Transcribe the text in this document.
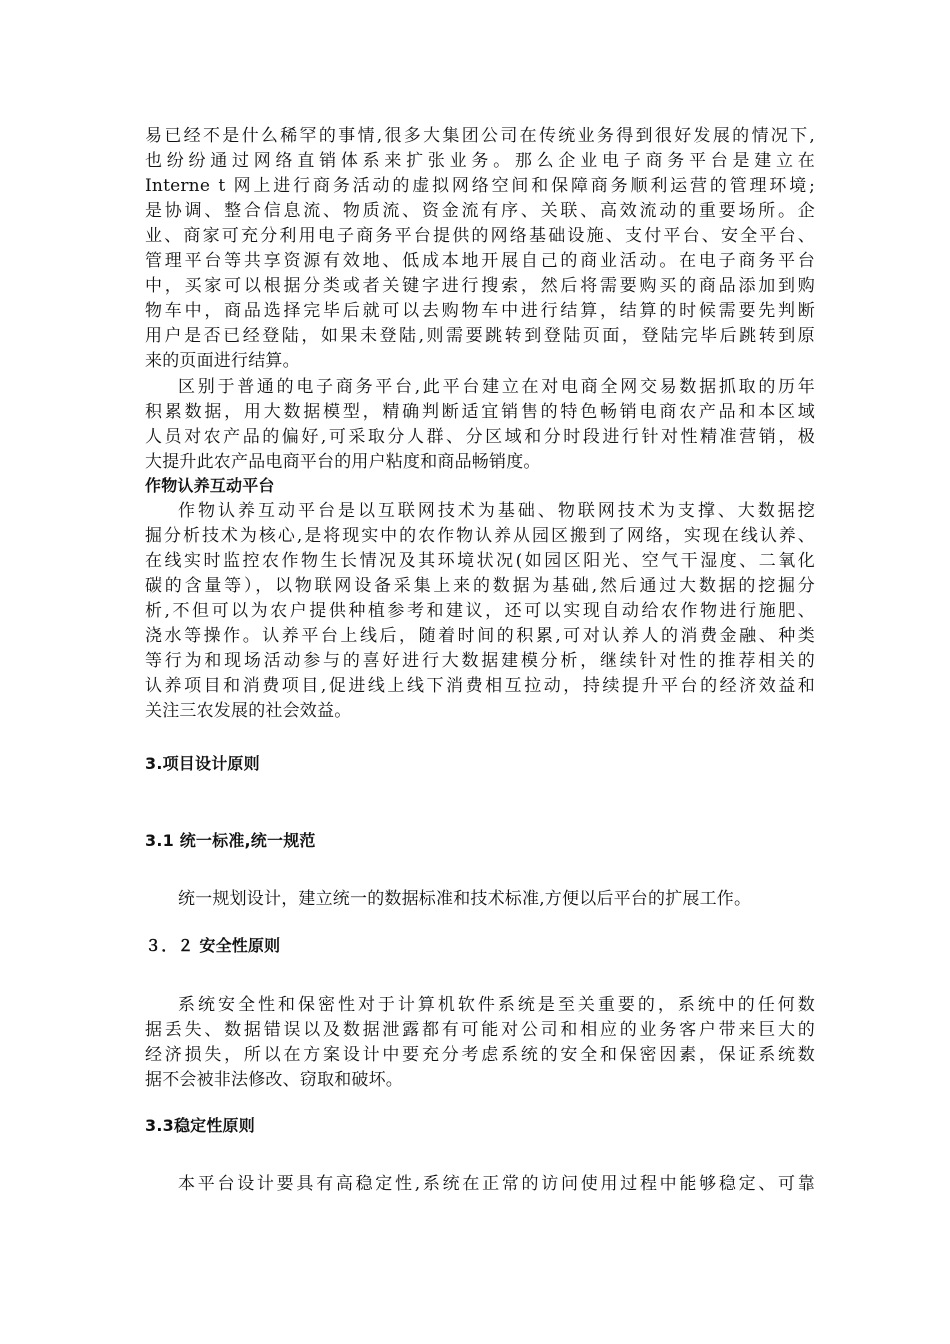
易已经不是什么稀罕的事情,很多大集团公司在传统业务得到很好发展的情况下,
也纷纷通过网络直销体系来扩张业务。那么企业电子商务平台是建立在
Interne t 网上进行商务活动的虚拟网络空间和保障商务顺利运营的管理环境;
是协调、整合信息流、物质流、资金流有序、关联、高效流动的重要场所。企
业、商家可充分利用电子商务平台提供的网络基础设施、支付平台、安全平台、
管理平台等共享资源有效地、低成本地开展自己的商业活动。在电子商务平台
中，买家可以根据分类或者关键字进行搜索，然后将需要购买的商品添加到购
物车中，商品选择完毕后就可以去购物车中进行结算，结算的时候需要先判断
用户是否已经登陆，如果未登陆,则需要跳转到登陆页面，登陆完毕后跳转到原
来的页面进行结算。
区别于普通的电子商务平台,此平台建立在对电商全网交易数据抓取的历年
积累数据，用大数据模型，精确判断适宜销售的特色畅销电商农产品和本区域
人员对农产品的偏好,可采取分人群、分区域和分时段进行针对性精准营销，极
大提升此农产品电商平台的用户粘度和商品畅销度。
作物认养互动平台
作物认养互动平台是以互联网技术为基础、物联网技术为支撑、大数据挖
掘分析技术为核心,是将现实中的农作物认养从园区搬到了网络，实现在线认养、
在线实时监控农作物生长情况及其环境状况(如园区阳光、空气干湿度、二氧化
碳的含量等），以物联网设备采集上来的数据为基础,然后通过大数据的挖掘分
析,不但可以为农户提供种植参考和建议，还可以实现自动给农作物进行施肥、
浇水等操作。认养平台上线后，随着时间的积累,可对认养人的消费金融、种类
等行为和现场活动参与的喜好进行大数据建模分析，继续针对性的推荐相关的
认养项目和消费项目,促进线上线下消费相互拉动，持续提升平台的经济效益和
关注三农发展的社会效益。
3.项目设计原则
3.1 统一标准,统一规范
统一规划设计，建立统一的数据标准和技术标准,方便以后平台的扩展工作。
３．２ 安全性原则
系统安全性和保密性对于计算机软件系统是至关重要的，系统中的任何数
据丢失、数据错误以及数据泄露都有可能对公司和相应的业务客户带来巨大的
经济损失，所以在方案设计中要充分考虑系统的安全和保密因素，保证系统数
据不会被非法修改、窃取和破坏。
3.3稳定性原则
本平台设计要具有高稳定性,系统在正常的访问使用过程中能够稳定、可靠
